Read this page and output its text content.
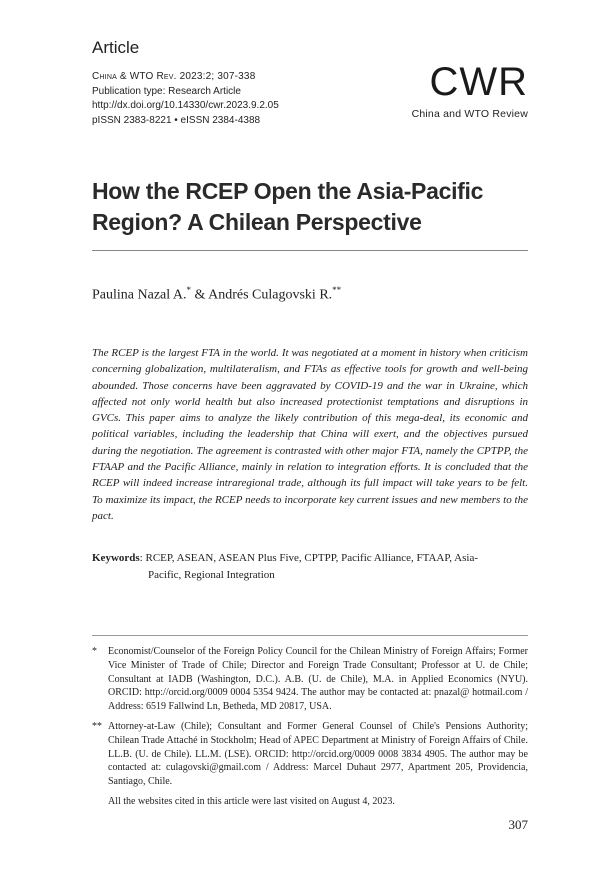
Article
China & WTO Rev. 2023:2; 307-338
Publication type: Research Article
http://dx.doi.org/10.14330/cwr.2023.9.2.05
pISSN 2383-8221 • eISSN 2384-4388
CWR
China and WTO Review
How the RCEP Open the Asia-Pacific Region? A Chilean Perspective
Paulina Nazal A.* & Andrés Culagovski R.**
The RCEP is the largest FTA in the world. It was negotiated at a moment in history when criticism concerning globalization, multilateralism, and FTAs as effective tools for growth and well-being abounded. Those concerns have been aggravated by COVID-19 and the war in Ukraine, which affected not only world health but also increased protectionist temptations and disruptions in GVCs. This paper aims to analyze the likely contribution of this mega-deal, its economic and political variables, including the leadership that China will exert, and the objectives pursued during the negotiation. The agreement is contrasted with other major FTA, namely the CPTPP, the FTAAP and the Pacific Alliance, mainly in relation to integration efforts. It is concluded that the RCEP will indeed increase intraregional trade, although its full impact will take years to be felt. To maximize its impact, the RCEP needs to incorporate key current issues and new members to the pact.
Keywords: RCEP, ASEAN, ASEAN Plus Five, CPTPP, Pacific Alliance, FTAAP, Asia-
Pacific, Regional Integration
*	Economist/Counselor of the Foreign Policy Council for the Chilean Ministry of Foreign Affairs; Former Vice Minister of Trade of Chile; Director and Foreign Trade Consultant; Professor at U. de Chile; Consultant at IADB (Washington, D.C.). A.B. (U. de Chile), M.A. in Applied Economics (NYU). ORCID: http://orcid.org/0009 0004 5354 9424. The author may be contacted at: pnazal@ hotmail.com / Address: 6519 Fallwind Ln, Betheda, MD 20817, USA.
** Attorney-at-Law (Chile); Consultant and Former General Counsel of Chile's Pensions Authority; Chilean Trade Attaché in Stockholm; Head of APEC Department at Ministry of Foreign Affairs of Chile. LL.B. (U. de Chile). LL.M. (LSE). ORCID: http://orcid.org/0009 0008 3834 4905. The author may be contacted at: culagovski@gmail.com / Address: Marcel Duhaut 2977, Apartment 205, Providencia, Santiago, Chile.
All the websites cited in this article were last visited on August 4, 2023.
307
